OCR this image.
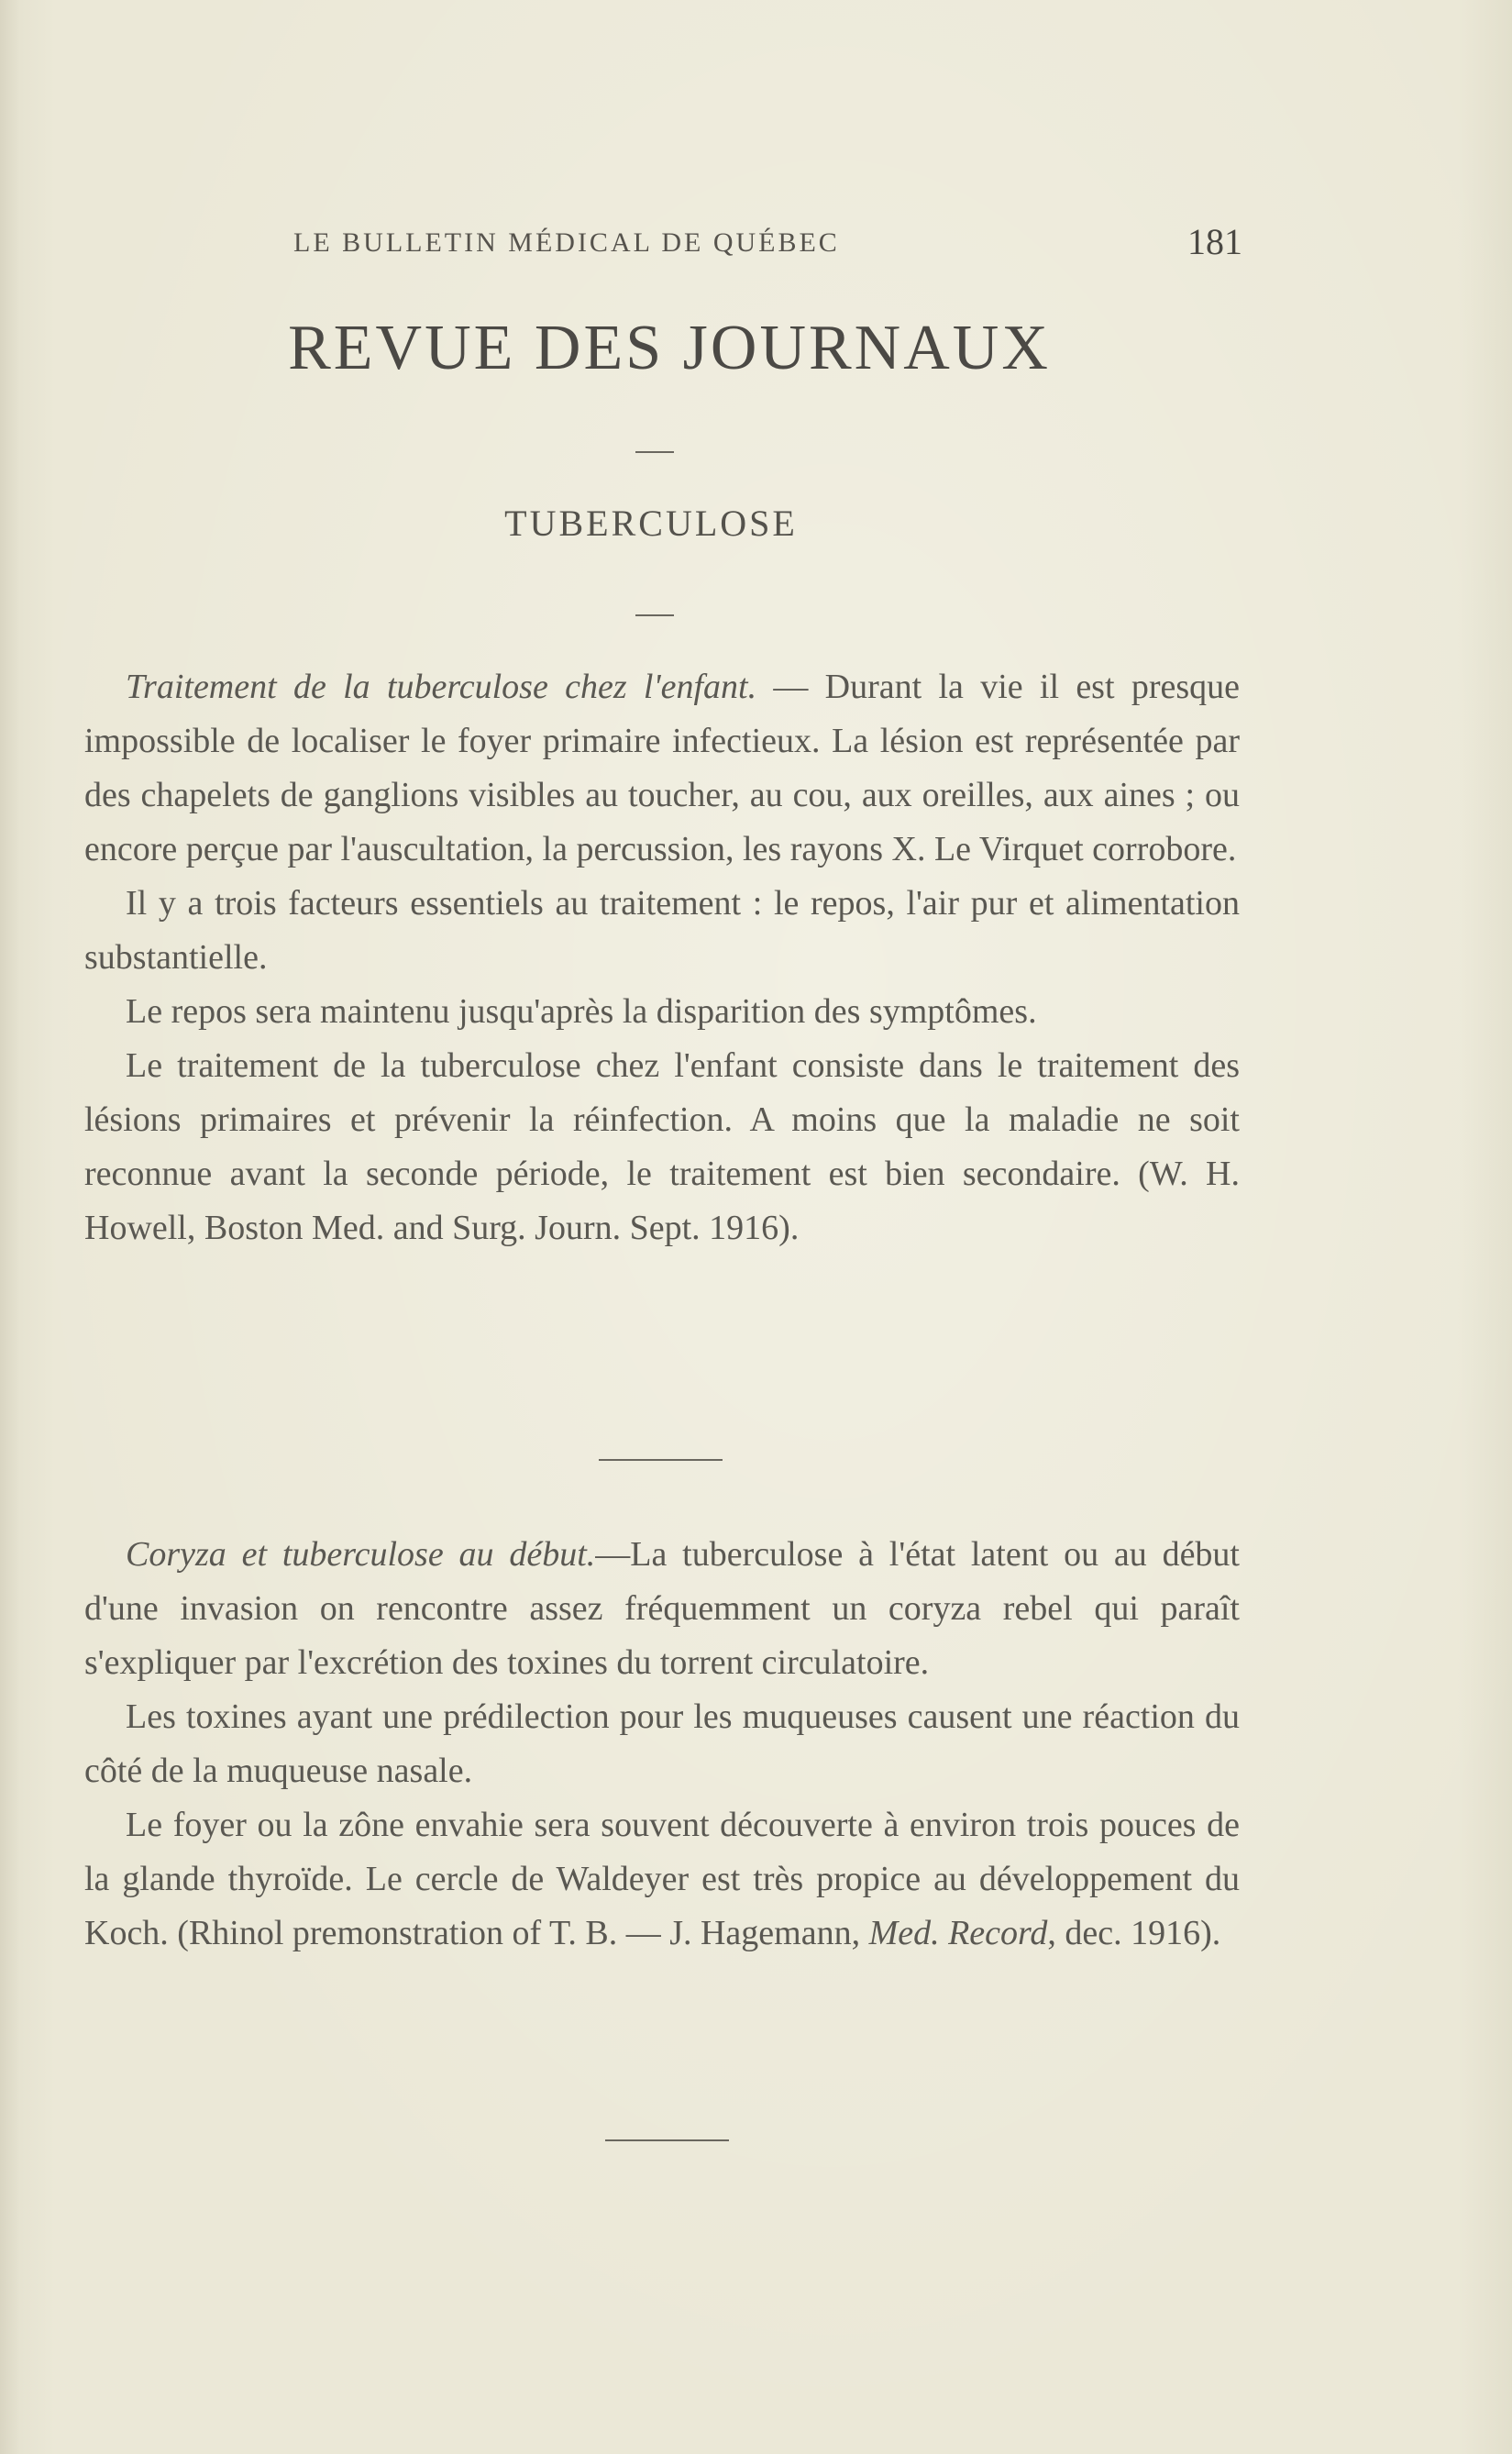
LE BULLETIN MÉDICAL DE QUÉBEC	181
REVUE DES JOURNAUX
TUBERCULOSE

Traitement de la tuberculose chez l'enfant. — Durant la vie il est presque impossible de localiser le foyer primaire infectieux. La lésion est représentée par des chapelets de ganglions visibles au toucher, au cou, aux oreilles, aux aines ; ou encore perçue par l'auscultation, la percussion, les rayons X. Le Virquet corrobore.

Il y a trois facteurs essentiels au traitement : le repos, l'air pur et alimentation substantielle.

Le repos sera maintenu jusqu'après la disparition des symptômes.

Le traitement de la tuberculose chez l'enfant consiste dans le traitement des lésions primaires et prévenir la réinfection. A moins que la maladie ne soit reconnue avant la seconde période, le traitement est bien secondaire. (W. H. Howell, Boston Med. and Surg. Journ. Sept. 1916).

Coryza et tuberculose au début.—La tuberculose à l'état latent ou au début d'une invasion on rencontre assez fréquemment un coryza rebel qui paraît s'expliquer par l'excrétion des toxines du torrent circulatoire.

Les toxines ayant une prédilection pour les muqueuses causent une réaction du côté de la muqueuse nasale.

Le foyer ou la zône envahie sera souvent découverte à environ trois pouces de la glande thyroïde. Le cercle de Waldeyer est très propice au développement du Koch. (Rhinol premonstration of T. B. — J. Hagemann, Med. Record, dec. 1916).
